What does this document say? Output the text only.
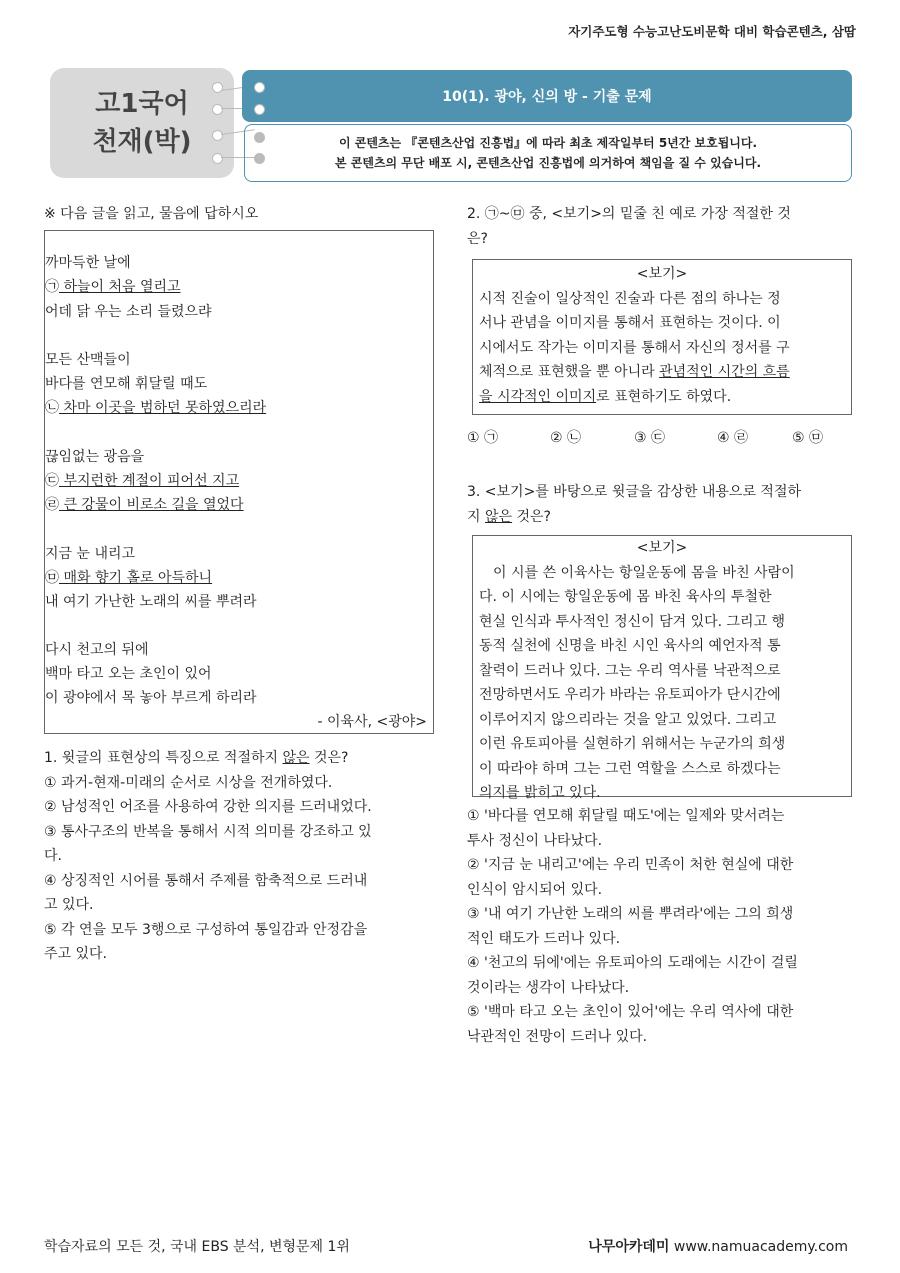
자기주도형 수능고난도비문학 대비 학습콘텐츠, 삼땀
고1국어
천재(박)
10(1). 광야, 신의 방 - 기출 문제
이 콘텐츠는 『콘텐츠산업 진흥법』에 따라 최초 제작일부터 5년간 보호됩니다.
본 콘텐츠의 무단 배포 시, 콘텐츠산업 진흥법에 의거하여 책임을 질 수 있습니다.
※ 다음 글을 읽고, 물음에 답하시오
까마득한 날에
㉠ 하늘이 처음 열리고
어데 닭 우는 소리 들렸으랴
모든 산맥들이
바다를 연모해 휘달릴 때도
㉡ 차마 이곳을 범하던 못하였으리라
끊임없는 광음을
㉢ 부지런한 계절이 피어선 지고
㉣ 큰 강물이 비로소 길을 열었다
지금 눈 내리고
㉤ 매화 향기 홀로 아득하니
내 여기 가난한 노래의 씨를 뿌려라
다시 천고의 뒤에
백마 타고 오는 초인이 있어
이 광야에서 목 놓아 부르게 하리라
- 이육사, <광야>
1. 윗글의 표현상의 특징으로 적절하지 않은 것은?
① 과거-현재-미래의 순서로 시상을 전개하였다.
② 남성적인 어조를 사용하여 강한 의지를 드러내었다.
③ 통사구조의 반복을 통해서 시적 의미를 강조하고 있
다.
④ 상징적인 시어를 통해서 주제를 함축적으로 드러내
고 있다.
⑤ 각 연을 모두 3행으로 구성하여 통일감과 안정감을
주고 있다.
2. ㉠~㉤ 중, <보기>의 밑줄 친 예로 가장 적절한 것
은?
<보기>
시적 진술이 일상적인 진술과 다른 점의 하나는 정
서나 관념을 이미지를 통해서 표현하는 것이다. 이
시에서도 작가는 이미지를 통해서 자신의 정서를 구
체적으로 표현했을 뿐 아니라 관념적인 시간의 흐름
을 시각적인 이미지로 표현하기도 하였다.
① ㉠	② ㉡	③ ㉢	④ ㉣	⑤ ㉤
3. <보기>를 바탕으로 윗글을 감상한 내용으로 적절하
지 않은 것은?
<보기>
이 시를 쓴 이육사는 항일운동에 몸을 바친 사람이
다. 이 시에는 항일운동에 몸 바친 육사의 투철한
현실 인식과 투사적인 정신이 담겨 있다. 그리고 행
동적 실천에 신명을 바친 시인 육사의 예언자적 통
찰력이 드러나 있다. 그는 우리 역사를 낙관적으로
전망하면서도 우리가 바라는 유토피아가 단시간에
이루어지지 않으리라는 것을 알고 있었다. 그리고
이런 유토피아를 실현하기 위해서는 누군가의 희생
이 따라야 하며 그는 그런 역할을 스스로 하겠다는
의지를 밝히고 있다.
① '바다를 연모해 휘달릴 때도'에는 일제와 맞서려는
투사 정신이 나타났다.
② '지금 눈 내리고'에는 우리 민족이 처한 현실에 대한
인식이 암시되어 있다.
③ '내 여기 가난한 노래의 씨를 뿌려라'에는 그의 희생
적인 태도가 드러나 있다.
④ '천고의 뒤에'에는 유토피아의 도래에는 시간이 걸릴
것이라는 생각이 나타났다.
⑤ '백마 타고 오는 초인이 있어'에는 우리 역사에 대한
낙관적인 전망이 드러나 있다.
학습자료의 모든 것, 국내 EBS 분석, 변형문제 1위	나무아카데미 www.namuacademy.com
